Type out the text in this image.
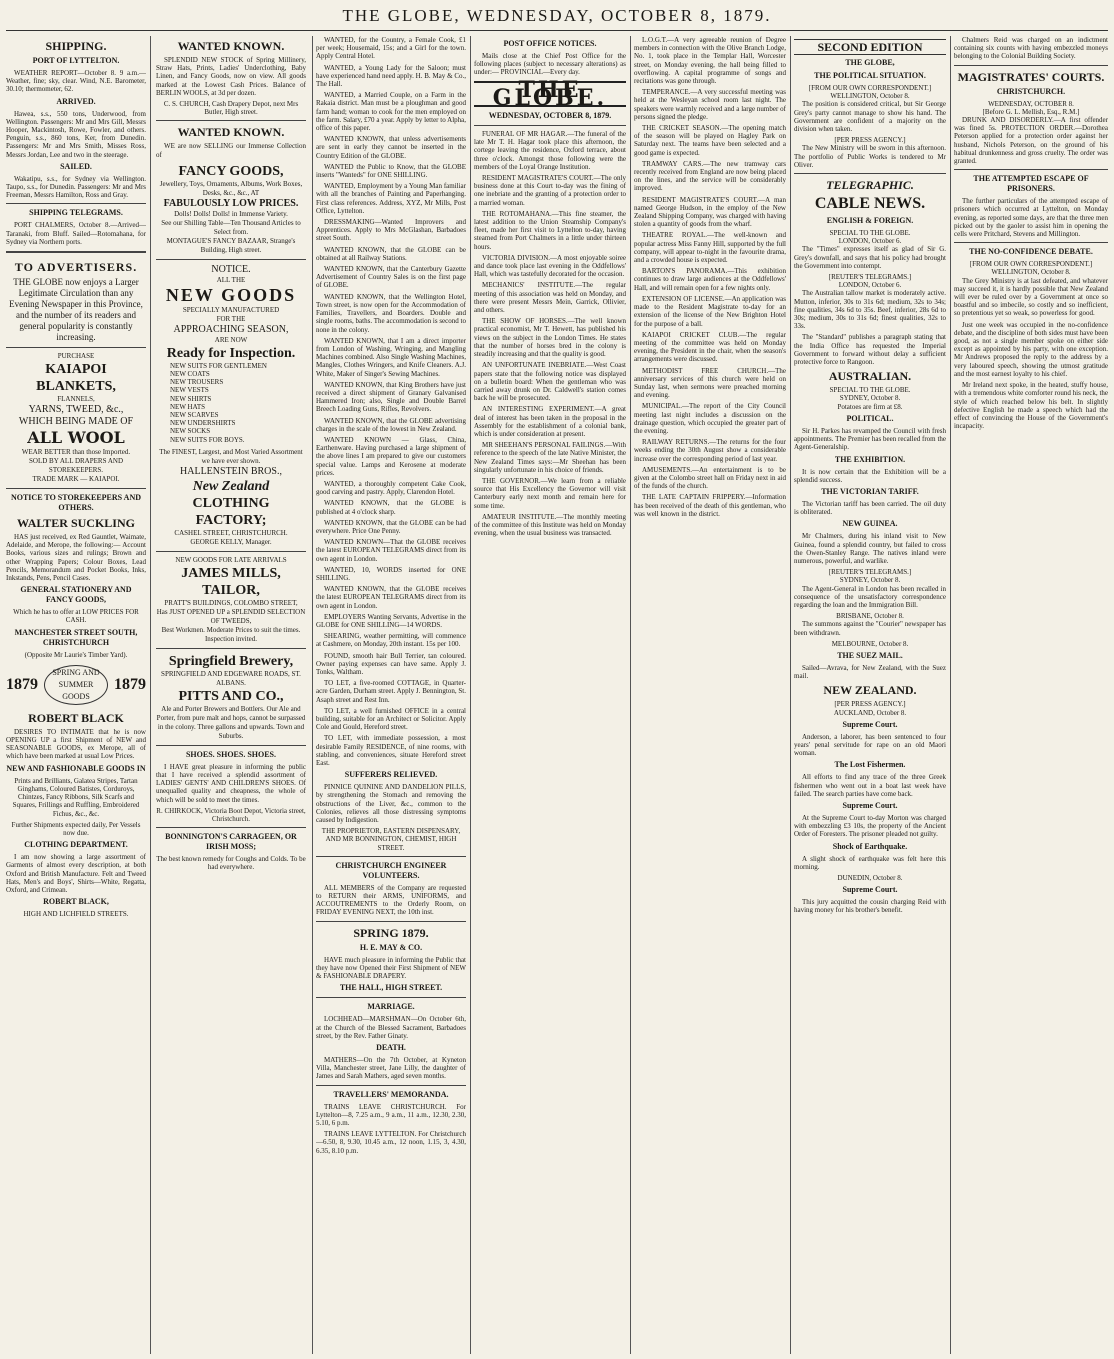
THE GLOBE, WEDNESDAY, OCTOBER 8, 1879.
SHIPPING.
PORT OF LYTTELTON.

WEATHER REPORT—October 8. 9 a.m.—Weather, fine; sky, clear. Wind, N.E. Barometer, 30.10; thermometer, 62.

ARRIVED.

Hawea, s.s., 550 tons, Underwood, from Wellington. Passengers: Mr and Mrs Gill, Messrs Hooper, Mackintosh, Rowe, Fowler, and others. Penguin, s.s., 860 tons, Ker, from Dunedin. Passengers: Mr and Mrs Smith, Misses Ross, Messrs Jordan, Lee and two in the steerage.

SAILED.

Wakatipu, s.s., for Sydney via Wellington. Taupo, s.s., for Dunedin. Passengers: Mr and Mrs Freeman, Messrs Hamilton, Ross and Gray.

SHIPPING TELEGRAMS.

PORT CHALMERS, October 8.—Arrived—Taranaki, from Bluff. Sailed—Rotomahana, for Sydney via Northern ports.

TO ADVERTISERS.

THE GLOBE now enjoys a Larger Legitimate Circulation than any Evening Newspaper in this Province, and the number of its readers and general popularity is constantly increasing.

PURCHASE
KAIAPOI BLANKETS,
FLANNELS,
YARNS, TWEED, &c.,
WHICH BEING MADE OF
ALL WOOL
WEAR BETTER than those Imported.
SOLD BY ALL DRAPERS AND STOREKEEPERS.
TRADE MARK — KAIAPOI.
NOTICE TO STOREKEEPERS AND OTHERS.
WALTER SUCKLING

HAS just received, ex Red Gauntlet, Waimate, Adelaide, and Merope, the following:— Account Books, various sizes and rulings; Brown and other Wrapping Papers; Colour Boxes, Lead Pencils, Memorandum and Pocket Books, Inks, Inkstands, Pens, Pencil Cases.

GENERAL STATIONERY AND FANCY GOODS,
Which he has to offer at LOW PRICES FOR CASH.
MANCHESTER STREET SOUTH, CHRISTCHURCH
(Opposite Mr Laurie's Timber Yard).
1879
SPRING AND SUMMER GOODS
1879
ROBERT BLACK

DESIRES TO INTIMATE that he is now OPENING UP a first Shipment of NEW and SEASONABLE GOODS, ex Merope, all of which have been marked at usual Low Prices.

NEW AND FASHIONABLE GOODS IN

Prints and Brilliants, Galatea Stripes, Tartan Ginghams, Coloured Batistes, Corduroys, Chintzes, Fancy Ribbons, Silk Scarfs and Squares, Frillings and Ruffling, Embroidered Fichus, &c., &c.

Further Shipments expected daily, Per Vessels now due.
CLOTHING DEPARTMENT.

I am now showing a large assortment of Garments of almost every description, at both Oxford and British Manufacture. Felt and Tweed Hats, Men's and Boys', Shirts—White, Regatta, Oxford, and Crimean.

ROBERT BLACK,
HIGH AND LICHFIELD STREETS.
WANTED KNOWN.

SPLENDID NEW STOCK of Spring Millinery, Straw Hats, Prints, Ladies' Underclothing, Baby Linen, and Fancy Goods, now on view. All goods marked at the Lowest Cash Prices. Balance of BERLIN WOOLS, at 3d per dozen.

C. S. CHURCH, Cash Drapery Depot, next Mrs Butler, High street.
WANTED KNOWN.

WE are now SELLING our Immense Collection of

FANCY GOODS,
Jewellery, Toys, Ornaments, Albums, Work Boxes, Desks, &c., &c., AT
FABULOUSLY LOW PRICES.
Dolls! Dolls! Dolls! in Immense Variety.
See our Shilling Table—Ten Thousand Articles to Select from.
MONTAGUE'S FANCY BAZAAR, Strange's Building, High street.
NOTICE.
ALL THE
NEW GOODS
SPECIALLY MANUFACTURED
FOR THE
APPROACHING SEASON,
ARE NOW
Ready for Inspection.
NEW SUITS FOR GENTLEMEN
NEW COATS
NEW TROUSERS
NEW VESTS
NEW SHIRTS
NEW HATS
NEW SCARVES
NEW UNDERSHIRTS
NEW SOCKS
NEW SUITS FOR BOYS.
The FINEST, Largest, and Most Varied Assortment we have ever shown.
HALLENSTEIN BROS.,
New Zealand
CLOTHING FACTORY;
CASHEL STREET, CHRISTCHURCH.
GEORGE KELLY, Manager.
NEW GOODS FOR LATE ARRIVALS
JAMES MILLS, TAILOR,
PRATT'S BUILDINGS, COLOMBO STREET,
Has JUST OPENED UP a SPLENDID SELECTION OF TWEEDS,
Best Workmen. Moderate Prices to suit the times. Inspection invited.
Springfield Brewery,
SPRINGFIELD AND EDGEWARE ROADS, ST. ALBANS.
PITTS AND CO.,
Ale and Porter Brewers and Bottlers. Our Ale and Porter, from pure malt and hops, cannot be surpassed in the colony. Three gallons and upwards. Town and Suburbs.
SHOES. SHOES. SHOES.

I HAVE great pleasure in informing the public that I have received a splendid assortment of LADIES' GENTS' AND CHILDREN'S SHOES. Of unequalled quality and cheapness, the whole of which will be sold to meet the times.

R. CHIRKOCK, Victoria Boot Depot, Victoria street, Christchurch.
BONNINGTON'S CARRAGEEN, OR IRISH MOSS;
The best known remedy for Coughs and Colds. To be had everywhere.

WANTED, for the Country, a Female Cook, £1 per week; Housemaid, 15s; and a Girl for the town. Apply Central Hotel.

WANTED, a Young Lady for the Saloon; must have experienced hand need apply. H. B. May & Co., The Hall.

WANTED, a Married Couple, on a Farm in the Rakaia district. Man must be a ploughman and good farm hand; woman to cook for the men employed on the farm. Salary, £70 a year. Apply by letter to Alpha, office of this paper.

WANTED KNOWN, that unless advertisements are sent in early they cannot be inserted in the Country Edition of the GLOBE.

WANTED the Public to Know, that the GLOBE inserts "Wanteds" for ONE SHILLING.

WANTED, Employment by a Young Man familiar with all the branches of Painting and Paperhanging. First class references. Address, XYZ, Mr Mills, Post Office, Lyttelton.

DRESSMAKING—Wanted Improvers and Apprentices. Apply to Mrs McGlashan, Barbadoes street South.

WANTED KNOWN, that the GLOBE can be obtained at all Railway Stations.

WANTED KNOWN, that the Canterbury Gazette Advertisement of Country Sales is on the first page of GLOBE.

WANTED KNOWN, that the Wellington Hotel, Town street, is now open for the Accommodation of Families, Travellers, and Boarders. Double and single rooms, baths. The accommodation is second to none in the colony.

WANTED KNOWN, that I am a direct importer from London of Washing, Wringing, and Mangling Machines combined. Also Single Washing Machines, Mangles, Clothes Wringers, and Knife Cleaners. A.J. White, Maker of Singer's Sewing Machines.

WANTED KNOWN, that King Brothers have just received a direct shipment of Granary Galvanised Hammered Iron; also, Single and Double Barrel Breech Loading Guns, Rifles, Revolvers.

WANTED KNOWN, that the GLOBE advertising charges in the scale of the lowest in New Zealand.

WANTED KNOWN — Glass, China, Earthenware. Having purchased a large shipment of the above lines I am prepared to give our customers special value. Lamps and Kerosene at moderate prices.

WANTED, a thoroughly competent Cake Cook, good carving and pastry. Apply, Clarendon Hotel.

WANTED KNOWN, that the GLOBE is published at 4 o'clock sharp.

WANTED KNOWN, that the GLOBE can be had everywhere. Price One Penny.

WANTED KNOWN—That the GLOBE receives the latest EUROPEAN TELEGRAMS direct from its own agent in London.

WANTED, 10, WORDS inserted for ONE SHILLING.

WANTED KNOWN, that the GLOBE receives the latest EUROPEAN TELEGRAMS direct from its own agent in London.

EMPLOYERS Wanting Servants, Advertise in the GLOBE for ONE SHILLING—14 WORDS.

SHEARING, weather permitting, will commence at Cashmere, on Monday, 20th instant. 15s per 100.

FOUND, smooth hair Bull Terrier, tan coloured. Owner paying expenses can have same. Apply J. Tonks, Waltham.

TO LET, a five-roomed COTTAGE, in Quarter-acre Garden, Durham street. Apply J. Bennington, St. Asaph street and Rest Inn.

TO LET, a well furnished OFFICE in a central building, suitable for an Architect or Solicitor. Apply Cole and Gould, Hereford street.

TO LET, with immediate possession, a most desirable Family RESIDENCE, of nine rooms, with stabling, and conveniences, situate Hereford street East.

SUFFERERS RELIEVED.

PINNICE QUININE AND DANDELION PILLS, by strengthening the Stomach and removing the obstructions of the Liver, &c., common to the Colonies, relieves all those distressing symptoms caused by Indigestion.

THE PROPRIETOR, EASTERN DISPENSARY, AND MR BONNINGTON, CHEMIST, HIGH STREET.
CHRISTCHURCH ENGINEER VOLUNTEERS.

ALL MEMBERS of the Company are requested to RETURN their ARMS, UNIFORMS, and ACCOUTREMENTS to the Orderly Room, on FRIDAY EVENING NEXT, the 10th inst.

SPRING 1879.
H. E. MAY & CO.

HAVE much pleasure in informing the Public that they have now Opened their First Shipment of NEW & FASHIONABLE DRAPERY.

THE HALL, HIGH STREET.
MARRIAGE.

LOCHHEAD—MARSHMAN—On October 6th, at the Church of the Blessed Sacrament, Barbadoes street, by the Rev. Father Ginaty.

DEATH.

MATHERS—On the 7th October, at Kyneton Villa, Manchester street, Jane Lilly, the daughter of James and Sarah Mathers, aged seven months.

TRAVELLERS' MEMORANDA.

TRAINS LEAVE CHRISTCHURCH. For Lyttelton—8, 7.25 a.m., 9 a.m., 11 a.m., 12.30, 2.30, 5.10, 6 p.m.

TRAINS LEAVE LYTTELTON. For Christchurch—6.50, 8, 9.30, 10.45 a.m., 12 noon, 1.15, 3, 4.30, 6.35, 8.10 p.m.

POST OFFICE NOTICES.

Mails close at the Chief Post Office for the following places (subject to necessary alterations) as under:— PROVINCIAL—Every day.

THE GLOBE.
WEDNESDAY, OCTOBER 8, 1879.

FUNERAL OF MR HAGAR.—The funeral of the late Mr T. H. Hagar took place this afternoon, the cortege leaving the residence, Oxford terrace, about three o'clock. Amongst those following were the members of the Loyal Orange Institution.

RESIDENT MAGISTRATE'S COURT.—The only business done at this Court to-day was the fining of one inebriate and the granting of a protection order to a married woman.

THE ROTOMAHANA.—This fine steamer, the latest addition to the Union Steamship Company's fleet, made her first visit to Lyttelton to-day, having steamed from Port Chalmers in a little under thirteen hours.

VICTORIA DIVISION.—A most enjoyable soiree and dance took place last evening in the Oddfellows' Hall, which was tastefully decorated for the occasion.

MECHANICS' INSTITUTE.—The regular meeting of this association was held on Monday, and there were present Messrs Mein, Garrick, Ollivier, and others.

THE SHOW OF HORSES.—The well known practical economist, Mr T. Hewett, has published his views on the subject in the London Times. He states that the number of horses bred in the colony is steadily increasing and that the quality is good.

AN UNFORTUNATE INEBRIATE.—West Coast papers state that the following notice was displayed on a bulletin board: When the gentleman who was carried away drunk on Dr. Caldwell's station comes back he will be prosecuted.

AN INTERESTING EXPERIMENT.—A great deal of interest has been taken in the proposal in the Assembly for the establishment of a colonial bank, which is under consideration at present.

MR SHEEHAN'S PERSONAL FAILINGS.—With reference to the speech of the late Native Minister, the New Zealand Times says:—Mr Sheehan has been singularly unfortunate in his choice of friends.

THE GOVERNOR.—We learn from a reliable source that His Excellency the Governor will visit Canterbury early next month and remain here for some time.

AMATEUR INSTITUTE.—The monthly meeting of the committee of this Institute was held on Monday evening, when the usual business was transacted.

L.O.G.T.—A very agreeable reunion of Degree members in connection with the Olive Branch Lodge, No. 1, took place in the Templar Hall, Worcester street, on Monday evening, the hall being filled to overflowing. A capital programme of songs and recitations was gone through.

TEMPERANCE.—A very successful meeting was held at the Wesleyan school room last night. The speakers were warmly received and a large number of persons signed the pledge.

THE CRICKET SEASON.—The opening match of the season will be played on Hagley Park on Saturday next. The teams have been selected and a good game is expected.

TRAMWAY CARS.—The new tramway cars recently received from England are now being placed on the lines, and the service will be considerably improved.

RESIDENT MAGISTRATE'S COURT.—A man named George Hudson, in the employ of the New Zealand Shipping Company, was charged with having stolen a quantity of goods from the wharf.

THEATRE ROYAL.—The well-known and popular actress Miss Fanny Hill, supported by the full company, will appear to-night in the favourite drama, and a crowded house is expected.

BARTON'S PANORAMA.—This exhibition continues to draw large audiences at the Oddfellows' Hall, and will remain open for a few nights only.

EXTENSION OF LICENSE.—An application was made to the Resident Magistrate to-day for an extension of the license of the New Brighton Hotel for the purpose of a ball.

KAIAPOI CRICKET CLUB.—The regular meeting of the committee was held on Monday evening, the President in the chair, when the season's arrangements were discussed.

METHODIST FREE CHURCH.—The anniversary services of this church were held on Sunday last, when sermons were preached morning and evening.

MUNICIPAL.—The report of the City Council meeting last night includes a discussion on the drainage question, which occupied the greater part of the evening.

RAILWAY RETURNS.—The returns for the four weeks ending the 30th August show a considerable increase over the corresponding period of last year.

AMUSEMENTS.—An entertainment is to be given at the Colombo street hall on Friday next in aid of the funds of the church.

THE LATE CAPTAIN FRIPPERY.—Information has been received of the death of this gentleman, who was well known in the district.

SECOND EDITION
THE GLOBE,
THE POLITICAL SITUATION.
[FROM OUR OWN CORRESPONDENT.]
WELLINGTON, October 8.

The position is considered critical, but Sir George Grey's party cannot manage to show his hand. The Government are confident of a majority on the division when taken.

[PER PRESS AGENCY.]

The New Ministry will be sworn in this afternoon. The portfolio of Public Works is tendered to Mr Oliver.

TELEGRAPHIC.
CABLE NEWS.
ENGLISH & FOREIGN.
SPECIAL TO THE GLOBE.
LONDON, October 6.

The "Times" expresses itself as glad of Sir G. Grey's downfall, and says that his policy had brought the Government into contempt.

[REUTER'S TELEGRAMS.]
LONDON, October 6.

The Australian tallow market is moderately active. Mutton, inferior, 30s to 31s 6d; medium, 32s to 34s; fine qualities, 34s 6d to 35s. Beef, inferior, 28s 6d to 30s; medium, 30s to 31s 6d; finest qualities, 32s to 33s.

The "Standard" publishes a paragraph stating that the India Office has requested the Imperial Government to forward without delay a sufficient protective force to Rangoon.

AUSTRALIAN.
SPECIAL TO THE GLOBE.
SYDNEY, October 8.
Potatoes are firm at £8.
POLITICAL.

Sir H. Parkes has revamped the Council with fresh appointments. The Premier has been recalled from the Agent-Generalship.

THE EXHIBITION.

It is now certain that the Exhibition will be a splendid success.

THE VICTORIAN TARIFF.

The Victorian tariff has been carried. The oil duty is obliterated.

NEW GUINEA.

Mr Chalmers, during his inland visit to New Guinea, found a splendid country, but failed to cross the Owen-Stanley Range. The natives inland were numerous, powerful, and warlike.

[REUTER'S TELEGRAMS.]
SYDNEY, October 8.

The Agent-General in London has been recalled in consequence of the unsatisfactory correspondence regarding the loan and the Immigration Bill.

BRISBANE, October 8.

The summons against the "Courier" newspaper has been withdrawn.

MELBOURNE, October 8.
THE SUEZ MAIL.

Sailed—Avrava, for New Zealand, with the Suez mail.

NEW ZEALAND.
[PER PRESS AGENCY.]
AUCKLAND, October 8.
Supreme Court.

Anderson, a laborer, has been sentenced to four years' penal servitude for rape on an old Maori woman.

The Lost Fishermen.

All efforts to find any trace of the three Greek fishermen who went out in a boat last week have failed. The search parties have come back.

Supreme Court.

At the Supreme Court to-day Morton was charged with embezzling £3 10s, the property of the Ancient Order of Foresters. The prisoner pleaded not guilty.

Shock of Earthquake.

A slight shock of earthquake was felt here this morning.

DUNEDIN, October 8.
Supreme Court.

This jury acquitted the cousin charging Reid with having money for his brother's benefit.

Chalmers Reid was charged on an indictment containing six counts with having embezzled moneys belonging to the Colonial Building Society.

MAGISTRATES' COURTS.
CHRISTCHURCH.
WEDNESDAY, OCTOBER 8.
[Before G. L. Mellish, Esq., R.M.]

DRUNK AND DISORDERLY.—A first offender was fined 5s. PROTECTION ORDER.—Dorothea Peterson applied for a protection order against her husband, Nichols Peterson, on the ground of his habitual drunkenness and gross cruelty. The order was granted.

THE ATTEMPTED ESCAPE OF PRISONERS.

The further particulars of the attempted escape of prisoners which occurred at Lyttelton, on Monday evening, as reported some days, are that the three men picked out by the gaoler to assist him in opening the cells were Pritchard, Stevens and Millington.

THE NO-CONFIDENCE DEBATE.
[FROM OUR OWN CORRESPONDENT.]
WELLINGTON, October 8.

The Grey Ministry is at last defeated, and whatever may succeed it, it is hardly possible that New Zealand will ever be ruled over by a Government at once so boastful and so imbecile, so costly and so inefficient, so pretentious yet so weak, so powerless for good.

Just one week was occupied in the no-confidence debate, and the discipline of both sides must have been good, as not a single member spoke on either side except as appointed by his party, with one exception. Mr Andrews proposed the reply to the address by a very laboured speech, showing the utmost gratitude and the most earnest loyalty to his chief.

Mr Ireland next spoke, in the heated, stuffy house, with a tremendous white comforter round his neck, the style of which reached below his belt. In slightly defective English he made a speech which had the effect of convincing the House of the Government's incapacity.
